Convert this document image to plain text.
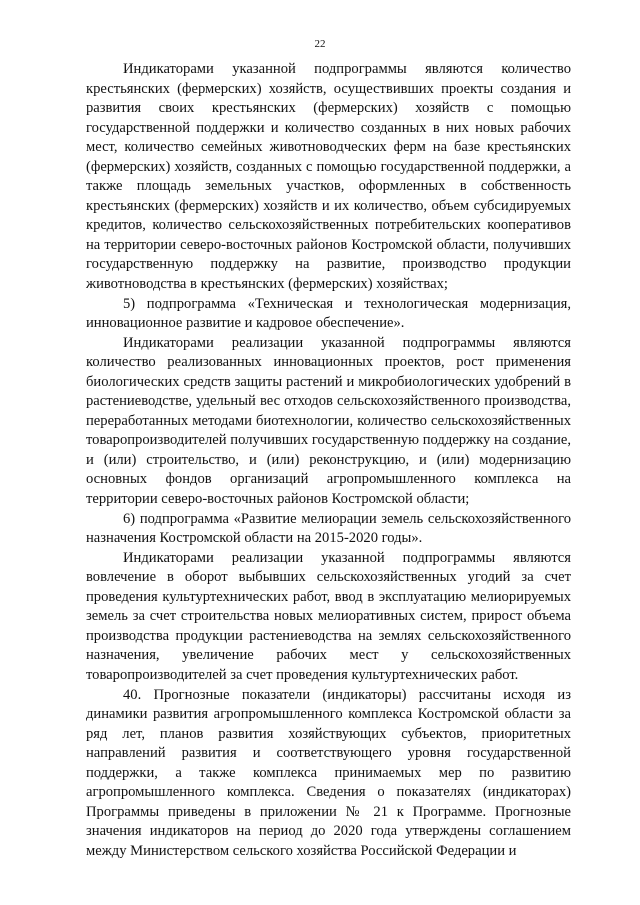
22

Индикаторами указанной подпрограммы являются количество крестьянских (фермерских) хозяйств, осуществивших проекты создания и развития своих крестьянских (фермерских) хозяйств с помощью государственной поддержки и количество созданных в них новых рабочих мест, количество семейных животноводческих ферм на базе крестьянских (фермерских) хозяйств, созданных с помощью государственной поддержки, а также площадь земельных участков, оформленных в собственность крестьянских (фермерских) хозяйств и их количество, объем субсидируемых кредитов, количество сельскохозяйственных потребительских кооперативов на территории северо-восточных районов Костромской области, получивших государственную поддержку на развитие, производство продукции животноводства в крестьянских (фермерских) хозяйствах;

5) подпрограмма «Техническая и технологическая модернизация, инновационное развитие и кадровое обеспечение».

Индикаторами реализации указанной подпрограммы являются количество реализованных инновационных проектов, рост применения биологических средств защиты растений и микробиологических удобрений в растениеводстве, удельный вес отходов сельскохозяйственного производства, переработанных методами биотехнологии, количество сельскохозяйственных товаропроизводителей получивших государственную поддержку на создание, и (или) строительство, и (или) реконструкцию, и (или) модернизацию основных фондов организаций агропромышленного комплекса на территории северо-восточных районов Костромской области;

6) подпрограмма «Развитие мелиорации земель сельскохозяйственного назначения Костромской области на 2015-2020 годы».

Индикаторами реализации указанной подпрограммы являются вовлечение в оборот выбывших сельскохозяйственных угодий за счет проведения культуртехнических работ, ввод в эксплуатацию мелиорируемых земель за счет строительства новых мелиоративных систем, прирост объема производства продукции растениеводства на землях сельскохозяйственного назначения, увеличение рабочих мест у сельскохозяйственных товаропроизводителей за счет проведения культуртехнических работ.

40. Прогнозные показатели (индикаторы) рассчитаны исходя из динамики развития агропромышленного комплекса Костромской области за ряд лет, планов развития хозяйствующих субъектов, приоритетных направлений развития и соответствующего уровня государственной поддержки, а также комплекса принимаемых мер по развитию агропромышленного комплекса. Сведения о показателях (индикаторах) Программы приведены в приложении № 21 к Программе. Прогнозные значения индикаторов на период до 2020 года утверждены соглашением между Министерством сельского хозяйства Российской Федерации и
